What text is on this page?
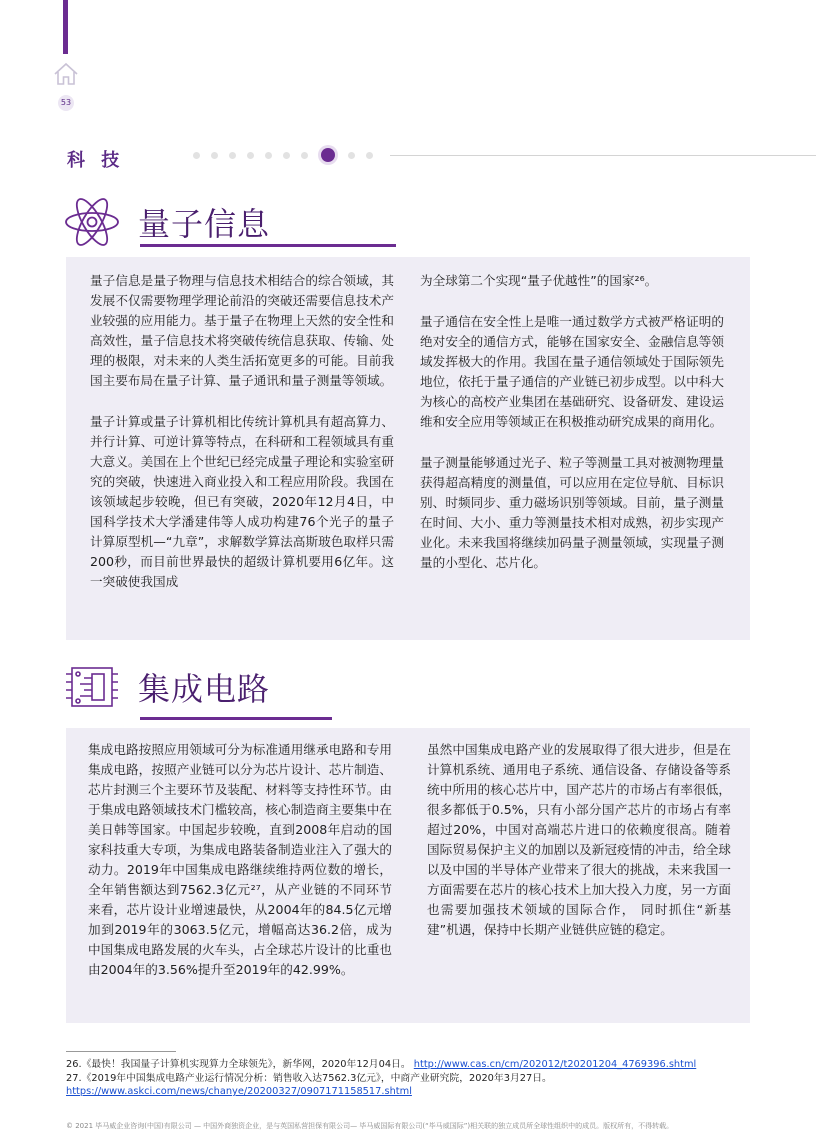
53
科 技
量子信息

量子信息是量子物理与信息技术相结合的综合领域，其发展不仅需要物理学理论前沿的突破还需要信息技术产业较强的应用能力。基于量子在物理上天然的安全性和高效性，量子信息技术将突破传统信息获取、传输、处理的极限，对未来的人类生活拓宽更多的可能。目前我国主要布局在量子计算、量子通讯和量子测量等领域。

量子计算或量子计算机相比传统计算机具有超高算力、并行计算、可逆计算等特点，在科研和工程领域具有重大意义。美国在上个世纪已经完成量子理论和实验室研究的突破，快速进入商业投入和工程应用阶段。我国在该领域起步较晚，但已有突破，2020年12月4日，中国科学技术大学潘建伟等人成功构建76个光子的量子计算原型机—“九章”，求解数学算法高斯玻色取样只需200秒，而目前世界最快的超级计算机要用6亿年。这一突破使我国成

为全球第二个实现“量子优越性”的国家²⁶。

量子通信在安全性上是唯一通过数学方式被严格证明的绝对安全的通信方式，能够在国家安全、金融信息等领域发挥极大的作用。我国在量子通信领域处于国际领先地位，依托于量子通信的产业链已初步成型。以中科大为核心的高校产业集团在基础研究、设备研发、建设运维和安全应用等领域正在积极推动研究成果的商用化。

量子测量能够通过光子、粒子等测量工具对被测物理量获得超高精度的测量值，可以应用在定位导航、目标识别、时频同步、重力磁场识别等领域。目前，量子测量在时间、大小、重力等测量技术相对成熟，初步实现产业化。未来我国将继续加码量子测量领域，实现量子测量的小型化、芯片化。

集成电路

集成电路按照应用领域可分为标准通用继承电路和专用集成电路，按照产业链可以分为芯片设计、芯片制造、芯片封测三个主要环节及装配、材料等支持性环节。由于集成电路领域技术门槛较高，核心制造商主要集中在美日韩等国家。中国起步较晚，直到2008年启动的国家科技重大专项，为集成电路装备制造业注入了强大的动力。2019年中国集成电路继续维持两位数的增长，全年销售额达到7562.3亿元²⁷，从产业链的不同环节来看，芯片设计业增速最快，从2004年的84.5亿元增加到2019年的3063.5亿元，增幅高达36.2倍，成为中国集成电路发展的火车头，占全球芯片设计的比重也由2004年的3.56%提升至2019年的42.99%。

虽然中国集成电路产业的发展取得了很大进步，但是在计算机系统、通用电子系统、通信设备、存储设备等系统中所用的核心芯片中，国产芯片的市场占有率很低，很多都低于0.5%，只有小部分国产芯片的市场占有率超过20%，中国对高端芯片进口的依赖度很高。随着国际贸易保护主义的加剧以及新冠疫情的冲击，给全球以及中国的半导体产业带来了很大的挑战，未来我国一方面需要在芯片的核心技术上加大投入力度，另一方面也需要加强技术领域的国际合作， 同时抓住“新基建”机遇，保持中长期产业链供应链的稳定。

26.《最快！我国量子计算机实现算力全球领先》，新华网，2020年12月04日。 http://www.cas.cn/cm/202012/t20201204_4769396.shtml

27.《2019年中国集成电路产业运行情况分析：销售收入达7562.3亿元》，中商产业研究院，2020年3月27日。
https://www.askci.com/news/chanye/20200327/0907171158517.shtml

© 2021 毕马威企业咨询(中国)有限公司 — 中国外商独资企业，是与英国私营担保有限公司— 毕马威国际有限公司(“毕马威国际”)相关联的独立成员所全球性组织中的成员。版权所有，不得转载。
